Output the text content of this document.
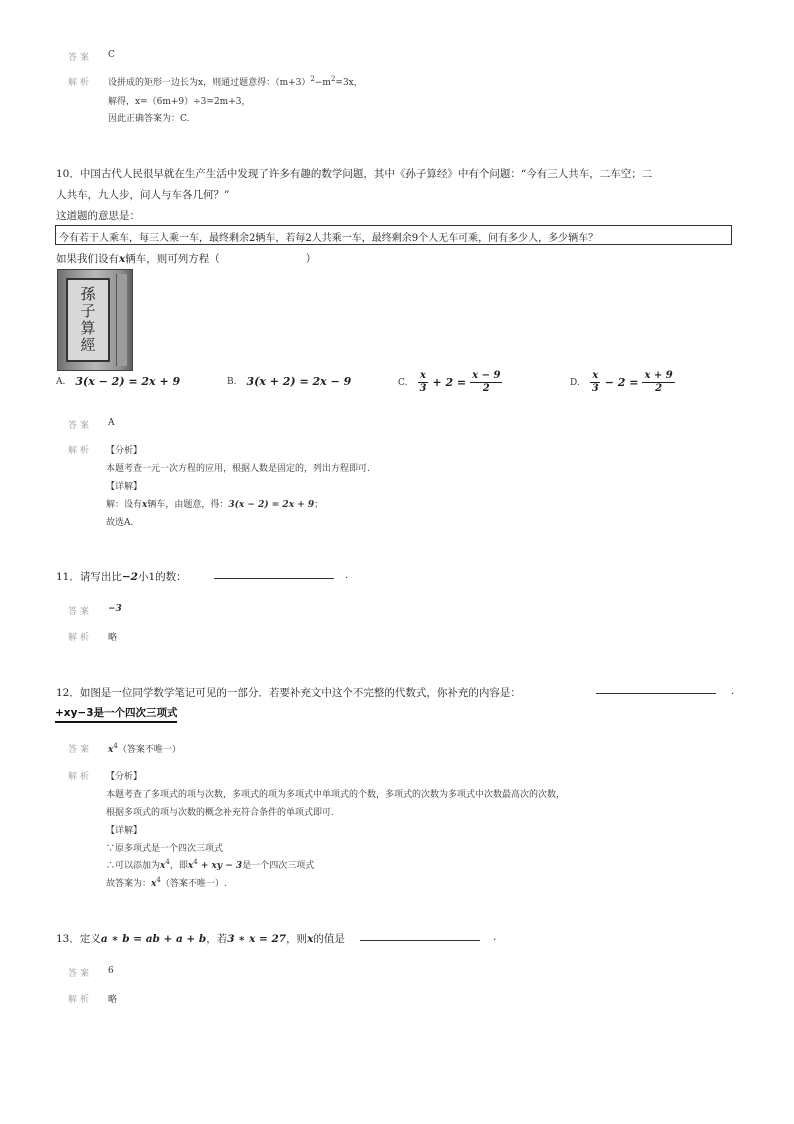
答案 C
解析 设拼成的矩形一边长为x，则通过题意得：$(m+3)^2-m^2=3x$，
解得，x=（6m+9）÷3=2m+3，
因此正确答案为：C.
10．中国古代人民很早就在生产生活中发现了许多有趣的数学问题，其中《孙子算经》中有个问题：“今有三人共车，二车空；二
人共车，九人步，问人与车各几何？”
这道题的意思是：
今有若干人乘车，每三人乘一车，最终剩余2辆车，若每2人共乘一车，最终剩余9个人无车可乘，问有多少人，多少辆车？
如果我们设有x辆车，则可列方程（	）
孫
子
算
經
A. 3(x − 2) = 2x + 9	B. 3(x + 2) = 2x − 9	C. $\frac{x}{3} + 2 = \frac{x - 9}{2}$	D. $\frac{x}{3} - 2 = \frac{x + 9}{2}$
答案 A
解析 【分析】
本题考查一元一次方程的应用，根据人数是固定的，列出方程即可.
【详解】
解：设有x辆车，由题意，得：3(x − 2) = 2x + 9；
故选A.
11．请写出比−2小1的数：	.
答案 −3
解析 略
12．如图是一位同学数学笔记可见的一部分．若要补充文中这个不完整的代数式，你补充的内容是：	.
+xy−3是一个四次三项式
答案 $x^4$（答案不唯一）
解析 【分析】
本题考查了多项式的项与次数，多项式的项为多项式中单项式的个数，多项式的次数为多项式中次数最高次的次数，
根据多项式的项与次数的概念补充符合条件的单项式即可.
【详解】
∵原多项式是一个四次三项式
∴可以添加为$x^4$，即$x^4$ + xy − 3是一个四次三项式
故答案为：$x^4$（答案不唯一）.
13．定义a ∗ b = ab + a + b，若3 ∗ x = 27，则x的值是	.
答案 6
解析 略
